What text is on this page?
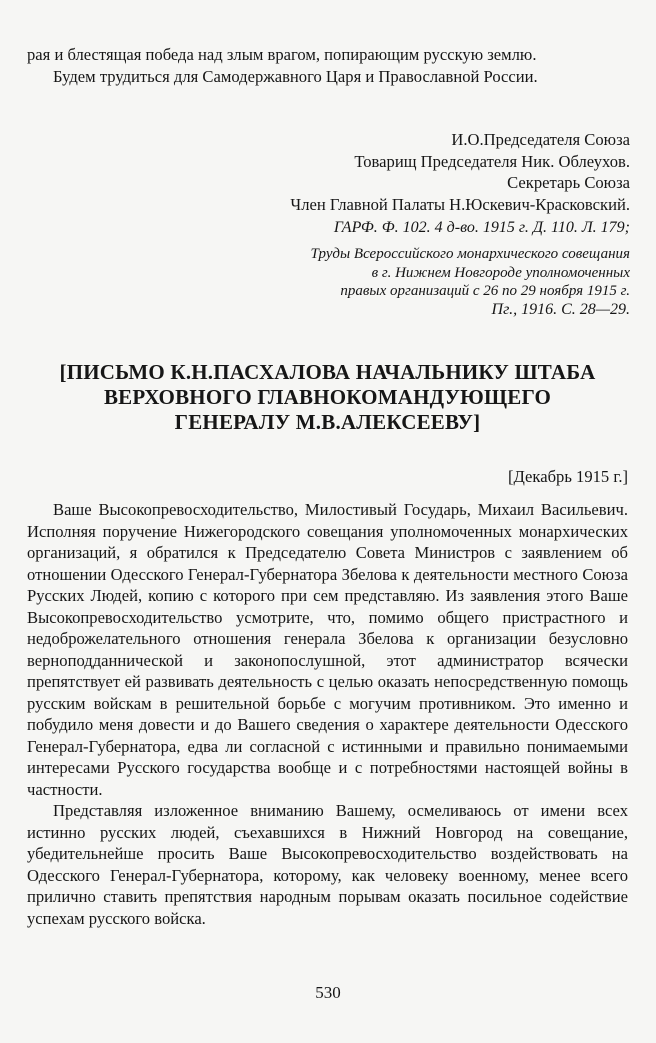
рая и блестящая победа над злым врагом, попирающим русскую землю.

Будем трудиться для Самодержавного Царя и Православной России.

И.О.Председателя Союза

Товарищ Председателя Ник. Облеухов.

Секретарь Союза

Член Главной Палаты Н.Юскевич-Красковский.

ГАРФ. Ф. 102. 4 д-во. 1915 г. Д. 110. Л. 179;

Труды Всероссийского монархического совещания

в г. Нижнем Новгороде уполномоченных

правых организаций с 26 по 29 ноября 1915 г.

Пг., 1916. С. 28—29.

[ПИСЬМО К.Н.ПАСХАЛОВА НАЧАЛЬНИКУ ШТАБА
ВЕРХОВНОГО ГЛАВНОКОМАНДУЮЩЕГО
ГЕНЕРАЛУ М.В.АЛЕКСЕЕВУ]
[Декабрь 1915 г.]

Ваше Высокопревосходительство, Милостивый Государь, Михаил Васильевич. Исполняя поручение Нижегородского совещания уполномоченных монархических организаций, я обратился к Председателю Совета Министров с заявлением об отношении Одесского Генерал-Губернатора Збелова к деятельности местного Союза Русских Людей, копию с которого при сем представляю. Из заявления этого Ваше Высокопревосходительство усмотрите, что, помимо общего пристрастного и недоброжелательного отношения генерала Збелова к организации безусловно верноподданнической и законопослушной, этот администратор всячески препятствует ей развивать деятельность с целью оказать непосредственную помощь русским войскам в решительной борьбе с могучим противником. Это именно и побудило меня довести и до Вашего сведения о характере деятельности Одесского Генерал-Губернатора, едва ли согласной с истинными и правильно понимаемыми интересами Русского государства вообще и с потребностями настоящей войны в частности.

Представляя изложенное вниманию Вашему, осмеливаюсь от имени всех истинно русских людей, съехавшихся в Нижний Новгород на совещание, убедительнейше просить Ваше Высокопревосходительство воздействовать на Одесского Генерал-Губернатора, которому, как человеку военному, менее всего прилично ставить препятствия народным порывам оказать посильное содействие успехам русского войска.

530
